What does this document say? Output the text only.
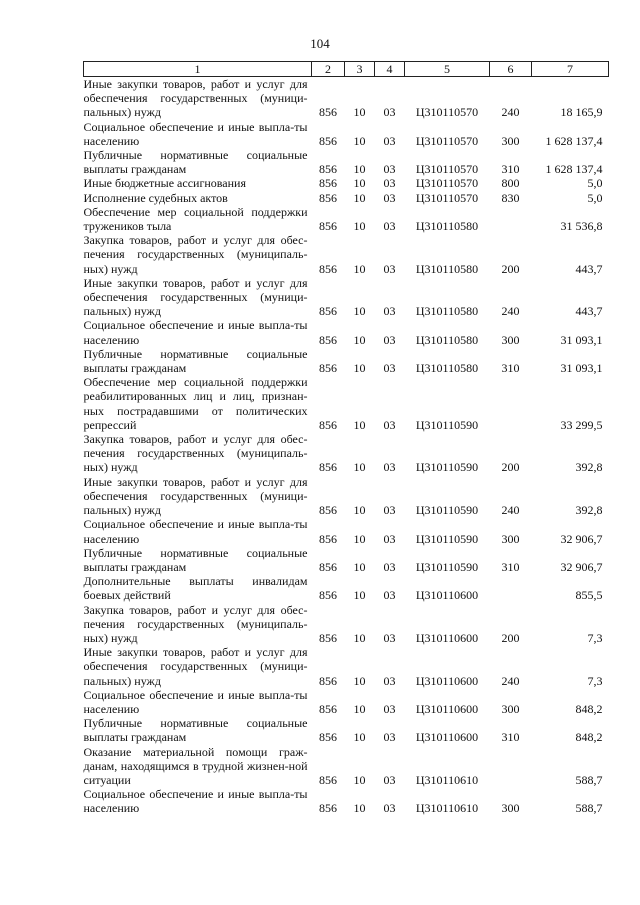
104
1	2	3	4	5	6	7
Иные закупки товаров, работ и услуг для обеспечения государственных (муници-пальных) нужд	856	10	03	Ц310110570	240	18 165,9
Социальное обеспечение и иные выпла-ты населению	856	10	03	Ц310110570	300	1 628 137,4
Публичные нормативные социальные выплаты гражданам	856	10	03	Ц310110570	310	1 628 137,4
Иные бюджетные ассигнования	856	10	03	Ц310110570	800	5,0
Исполнение судебных актов	856	10	03	Ц310110570	830	5,0
Обеспечение мер социальной поддержки тружеников тыла	856	10	03	Ц310110580		31 536,8
Закупка товаров, работ и услуг для обес-печения государственных (муниципаль-ных) нужд	856	10	03	Ц310110580	200	443,7
Иные закупки товаров, работ и услуг для обеспечения государственных (муници-пальных) нужд	856	10	03	Ц310110580	240	443,7
Социальное обеспечение и иные выпла-ты населению	856	10	03	Ц310110580	300	31 093,1
Публичные нормативные социальные выплаты гражданам	856	10	03	Ц310110580	310	31 093,1
Обеспечение мер социальной поддержки реабилитированных лиц и лиц, признан-ных пострадавшими от политических репрессий	856	10	03	Ц310110590		33 299,5
Закупка товаров, работ и услуг для обес-печения государственных (муниципаль-ных) нужд	856	10	03	Ц310110590	200	392,8
Иные закупки товаров, работ и услуг для обеспечения государственных (муници-пальных) нужд	856	10	03	Ц310110590	240	392,8
Социальное обеспечение и иные выпла-ты населению	856	10	03	Ц310110590	300	32 906,7
Публичные нормативные социальные выплаты гражданам	856	10	03	Ц310110590	310	32 906,7
Дополнительные выплаты инвалидам боевых действий	856	10	03	Ц310110600		855,5
Закупка товаров, работ и услуг для обес-печения государственных (муниципаль-ных) нужд	856	10	03	Ц310110600	200	7,3
Иные закупки товаров, работ и услуг для обеспечения государственных (муници-пальных) нужд	856	10	03	Ц310110600	240	7,3
Социальное обеспечение и иные выпла-ты населению	856	10	03	Ц310110600	300	848,2
Публичные нормативные социальные выплаты гражданам	856	10	03	Ц310110600	310	848,2
Оказание материальной помощи граж-данам, находящимся в трудной жизнен-ной ситуации	856	10	03	Ц310110610		588,7
Социальное обеспечение и иные выпла-ты населению	856	10	03	Ц310110610	300	588,7
